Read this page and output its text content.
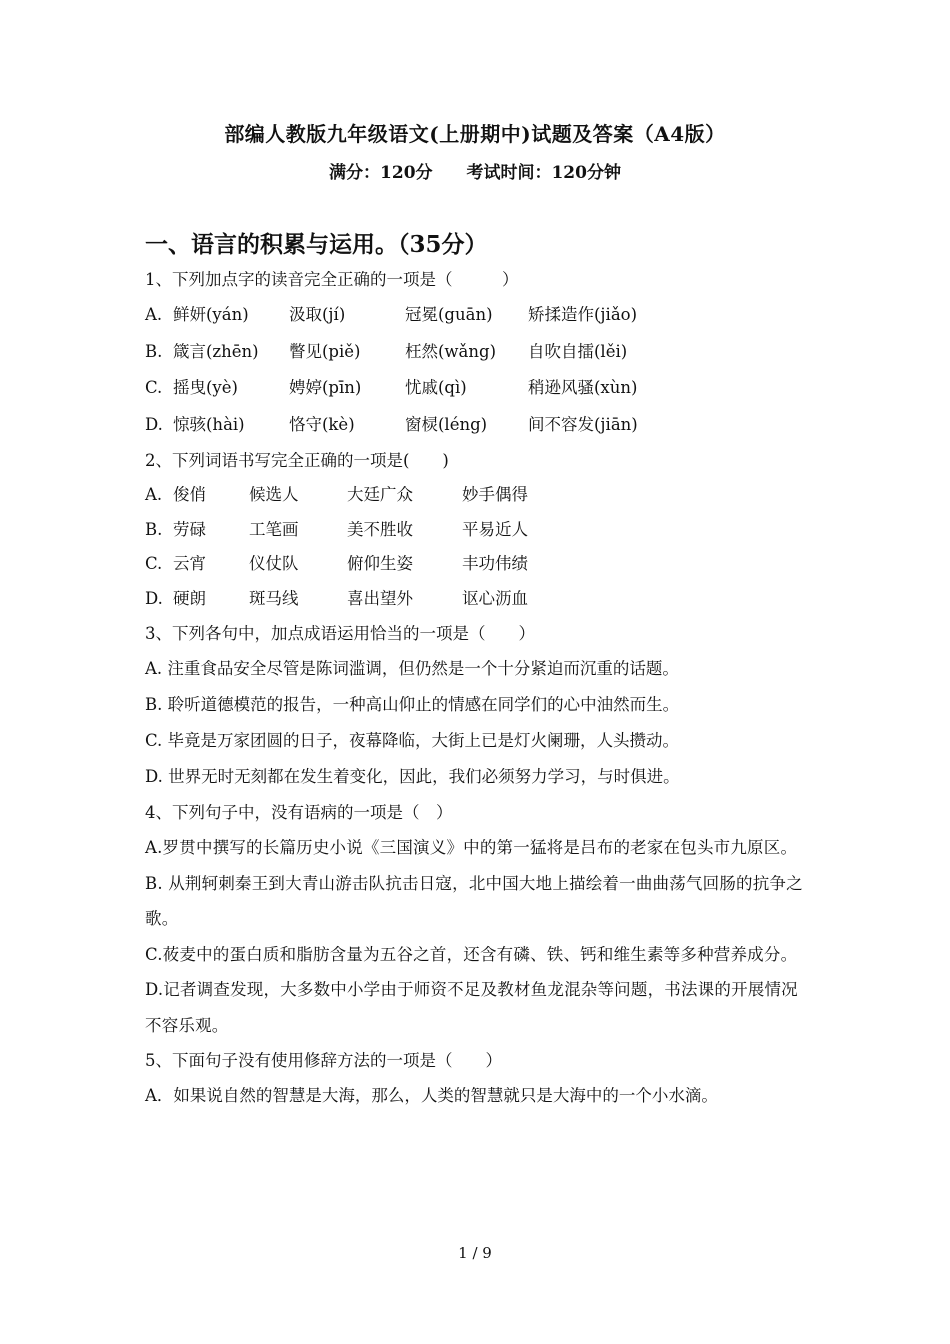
部编人教版九年级语文(上册期中)试题及答案（A4版）
满分：120分 考试时间：120分钟
一、语言的积累与运用。（35分）
1、下列加点字的读音完全正确的一项是（　　　）
A. 鲜妍(yán)	汲取(jí)	冠冕(guān)	矫揉造作(jiǎo)
B. 箴言(zhēn)	瞥见(piě)	枉然(wǎng)	自吹自擂(lěi)
C. 摇曳(yè)	娉婷(pīn)	忧戚(qì)	稍逊风骚(xùn)
D. 惊骇(hài)	恪守(kè)	窗棂(léng)	间不容发(jiān)
2、下列词语书写完全正确的一项是(　　)
A. 俊俏	候选人	大廷广众	妙手偶得
B. 劳碌	工笔画	美不胜收	平易近人
C. 云宵	仪仗队	俯仰生姿	丰功伟绩
D. 硬朗	斑马线	喜出望外	讴心沥血
3、下列各句中，加点成语运用恰当的一项是（　　）
A. 注重食品安全尽管是陈词滥调，但仍然是一个十分紧迫而沉重的话题。
B. 聆听道德模范的报告，一种高山仰止的情感在同学们的心中油然而生。
C. 毕竟是万家团圆的日子，夜幕降临，大街上已是灯火阑珊，人头攒动。
D. 世界无时无刻都在发生着变化，因此，我们必须努力学习，与时俱进。
4、下列句子中，没有语病的一项是（　）
A.罗贯中撰写的长篇历史小说《三国演义》中的第一猛将是吕布的老家在包头市九原区。
B. 从荆轲刺秦王到大青山游击队抗击日寇，北中国大地上描绘着一曲曲荡气回肠的抗争之歌。
C.莜麦中的蛋白质和脂肪含量为五谷之首，还含有磷、铁、钙和维生素等多种营养成分。
D.记者调查发现，大多数中小学由于师资不足及教材鱼龙混杂等问题，书法课的开展情况不容乐观。
5、下面句子没有使用修辞方法的一项是（　　）
A．如果说自然的智慧是大海，那么，人类的智慧就只是大海中的一个小水滴。
1 / 9
